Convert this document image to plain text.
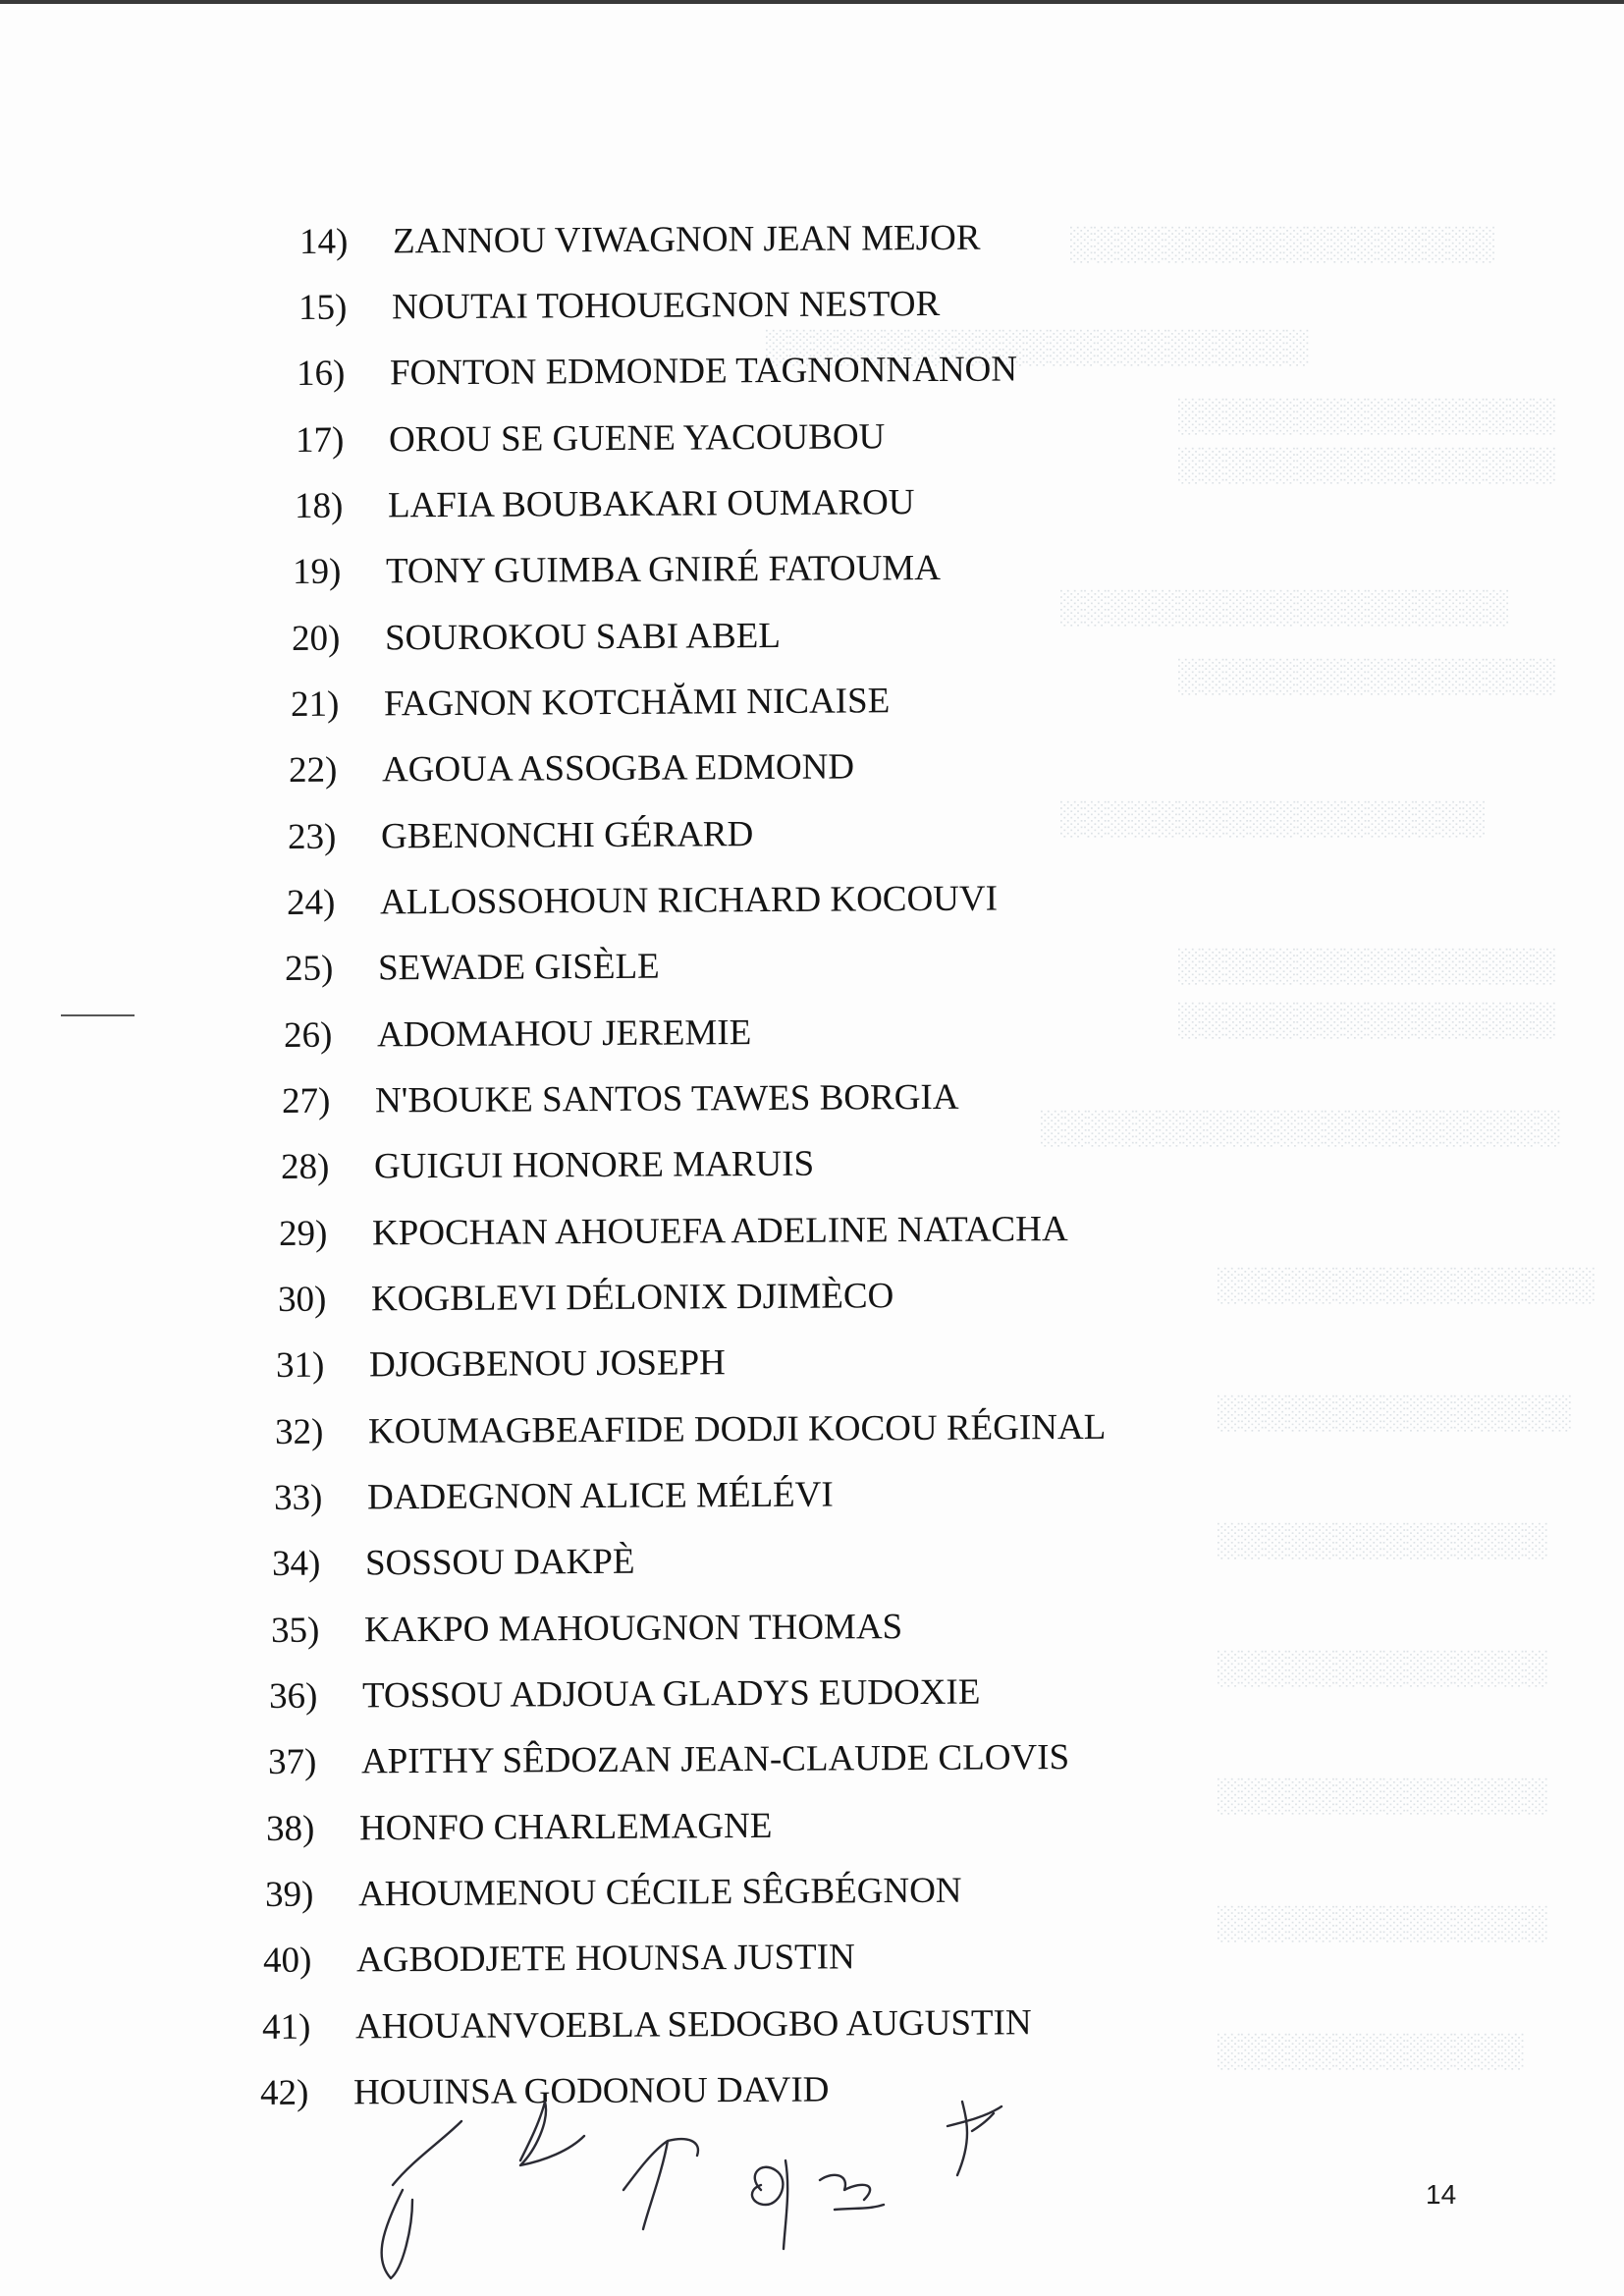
░░░░░░░░░░░░░░░░░░
░░░░░░░░░░░░░░░░░░░░░░░
░░░░░░░░░░░░░░░░
░░░░░░░░░░░░░░░░
░░░░░░░░░░░░░░░░░░░
░░░░░░░░░░░░░░░░
░░░░░░░░░░░░░░░░░░
░░░░░░░░░░░░░░░░
░░░░░░░░░░░░░░░░
░░░░░░░░░░░░░░░░░░░░░░
░░░░░░░░░░░░░░░░
░░░░░░░░░░░░░░░
░░░░░░░░░░░░░░
░░░░░░░░░░░░░░
░░░░░░░░░░░░░░
░░░░░░░░░░░░░░
░░░░░░░░░░░░░
14) ZANNOU VIWAGNON JEAN MEJOR
15) NOUTAI TOHOUEGNON NESTOR
16) FONTON EDMONDE TAGNONNANON
17) OROU SE GUENE YACOUBOU
18) LAFIA BOUBAKARI OUMAROU
19) TONY GUIMBA GNIRÉ FATOUMA
20) SOUROKOU SABI ABEL
21) FAGNON KOTCHĂMI NICAISE
22) AGOUA ASSOGBA EDMOND
23) GBENONCHI GÉRARD
24) ALLOSSOHOUN RICHARD KOCOUVI
25) SEWADE GISÈLE
26) ADOMAHOU JEREMIE
27) N'BOUKE SANTOS TAWES BORGIA
28) GUIGUI HONORE MARUIS
29) KPOCHAN AHOUEFA ADELINE NATACHA
30) KOGBLEVI DÉLONIX DJIMÈCO
31) DJOGBENOU JOSEPH
32) KOUMAGBEAFIDE DODJI KOCOU RÉGINAL
33) DADEGNON ALICE MÉLÉVI
34) SOSSOU DAKPÈ
35) KAKPO MAHOUGNON THOMAS
36) TOSSOU ADJOUA GLADYS EUDOXIE
37) APITHY SÊDOZAN JEAN-CLAUDE CLOVIS
38) HONFO CHARLEMAGNE
39) AHOUMENOU CÉCILE SÊGBÉGNON
40) AGBODJETE HOUNSA JUSTIN
41) AHOUANVOEBLA SEDOGBO AUGUSTIN
42) HOUINSA GODONOU DAVID
14
